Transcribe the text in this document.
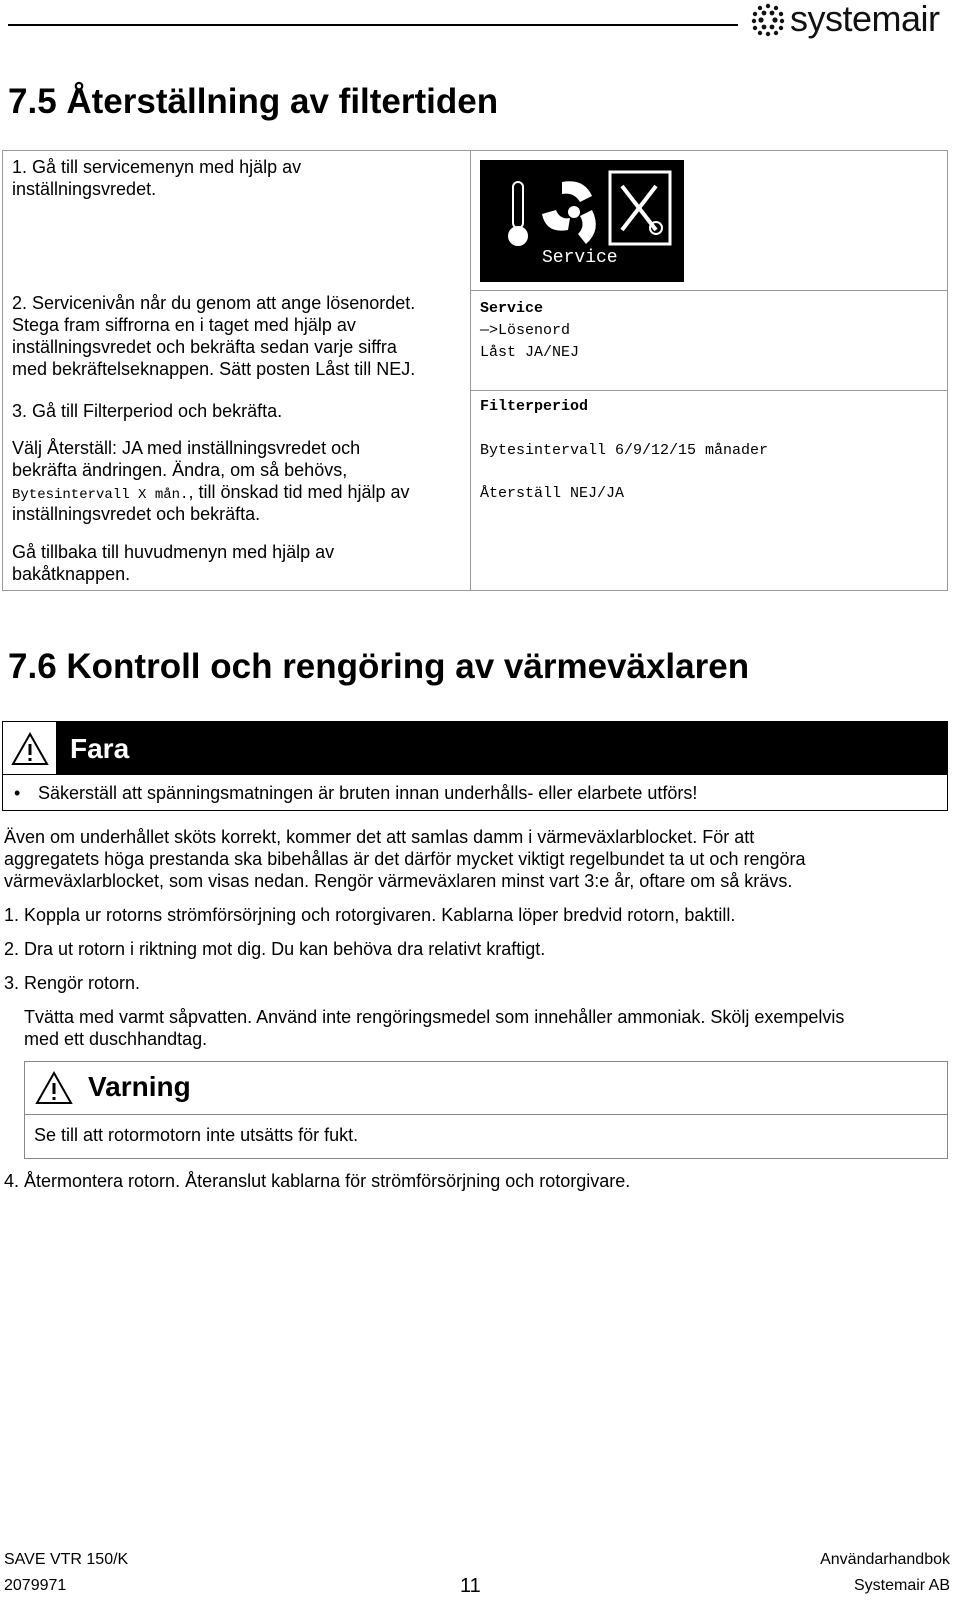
systemair
7.5 Återställning av filtertiden
1. Gå till servicemenyn med hjälp av
inställningsvredet.
Service
2. Servicenivån når du genom att ange lösenordet.
Stega fram siffrorna en i taget med hjälp av
inställningsvredet och bekräfta sedan varje siffra
med bekräftelseknappen. Sätt posten Låst till NEJ.
Service
—>Lösenord
Låst JA/NEJ
3. Gå till Filterperiod och bekräfta.
Välj Återställ: JA med inställningsvredet och
bekräfta ändringen. Ändra, om så behövs,
Bytesintervall X mån., till önskad tid med hjälp av
inställningsvredet och bekräfta.
Gå tillbaka till huvudmenyn med hjälp av
bakåtknappen.
Filterperiod
Bytesintervall 6/9/12/15 månader
Återställ NEJ/JA
7.6 Kontroll och rengöring av värmeväxlaren
Fara
• Säkerställ att spänningsmatningen är bruten innan underhålls- eller elarbete utförs!
Även om underhållet sköts korrekt, kommer det att samlas damm i värmeväxlarblocket. För att
aggregatets höga prestanda ska bibehållas är det därför mycket viktigt regelbundet ta ut och rengöra
värmeväxlarblocket, som visas nedan. Rengör värmeväxlaren minst vart 3:e år, oftare om så krävs.
1. Koppla ur rotorns strömförsörjning och rotorgivaren. Kablarna löper bredvid rotorn, baktill.
2. Dra ut rotorn i riktning mot dig. Du kan behöva dra relativt kraftigt.
3. Rengör rotorn.
Tvätta med varmt såpvatten. Använd inte rengöringsmedel som innehåller ammoniak. Skölj exempelvis
med ett duschhandtag.
Varning
Se till att rotormotorn inte utsätts för fukt.
4. Återmontera rotorn. Återanslut kablarna för strömförsörjning och rotorgivare.
SAVE VTR 150/K
2079971	11
Användarhandbok
Systemair AB
